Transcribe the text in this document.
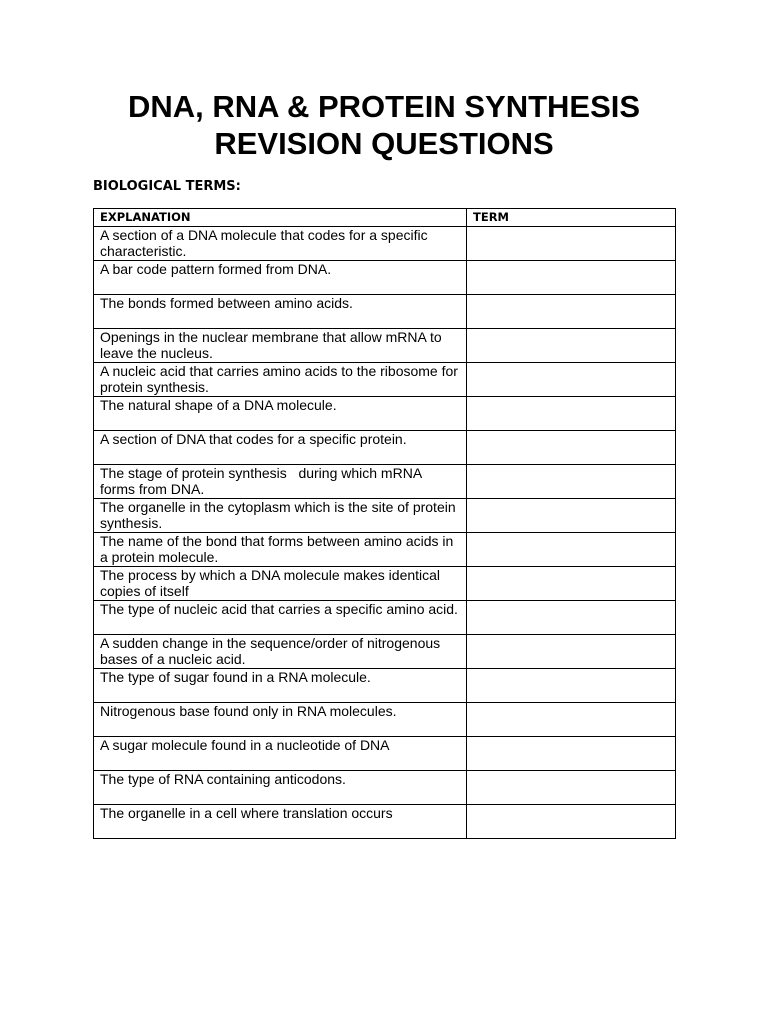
DNA, RNA & PROTEIN SYNTHESIS
REVISION QUESTIONS

BIOLOGICAL TERMS:

EXPLANATION	TERM
A section of a DNA molecule that codes for a specific characteristic.	
A bar code pattern formed from DNA.	
The bonds formed between amino acids.	
Openings in the nuclear membrane that allow mRNA to leave the nucleus.	
A nucleic acid that carries amino acids to the ribosome for protein synthesis.	
The natural shape of a DNA molecule.	
A section of DNA that codes for a specific protein.	
The stage of protein synthesis   during which mRNA forms from DNA.	
The organelle in the cytoplasm which is the site of protein synthesis.	
The name of the bond that forms between amino acids in a protein molecule.	
The process by which a DNA molecule makes identical copies of itself	
The type of nucleic acid that carries a specific amino acid.	
A sudden change in the sequence/order of nitrogenous bases of a nucleic acid.	
The type of sugar found in a RNA molecule.	
Nitrogenous base found only in RNA molecules.	
A sugar molecule found in a nucleotide of DNA	
The type of RNA containing anticodons.	
The organelle in a cell where translation occurs	
